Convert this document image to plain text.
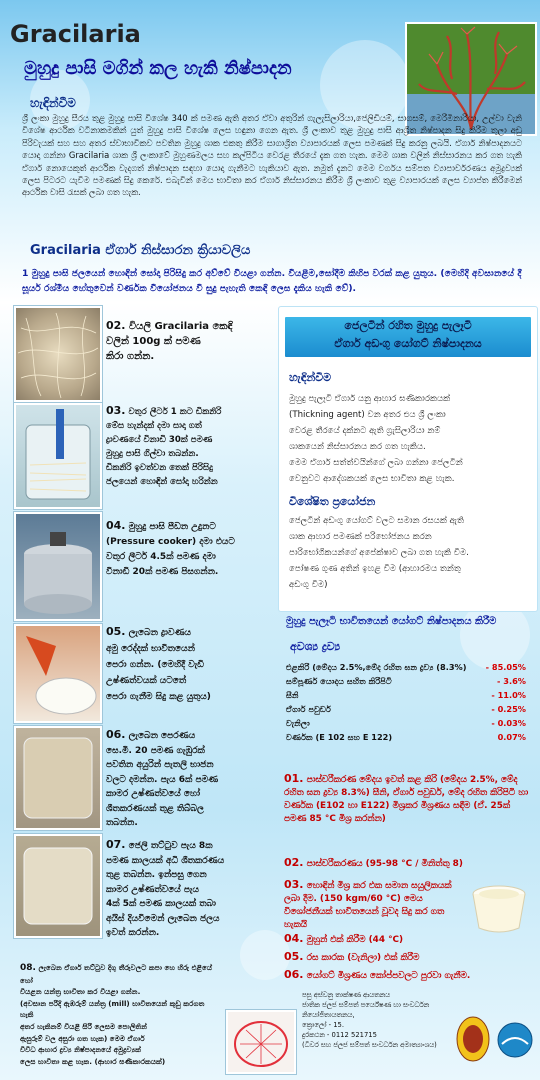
Gracilaria
මුහුදු පාසි මගින් කල හැකි නිෂ්පාදන
හැඳින්වීම
ශ්‍රී ලංකා මුහුදු සීරය තුළ මුහුදු පාසි විශේෂ 340 ක් පමණ ඇති අතර ඒවා අතුරින් ගැලැසිලාරියා,ජෙලිඩියම්, සාගසම්, මෙරීමිනාරියා, උල්වා වැනි විශේෂ ආර්ථික වටිනාකමකින් යුත් මුහුදු පාසි විශේෂ ලෙස හඳුනා ගෙන ඇත. ශ්‍රී ලංකාව තුළ මුහුදු පාසි ආශ්‍රිත නිෂ්පාදන සිදු කිරීම තුලා අඩු පිරිවැයක් සහ සහ අතර ස්වාභාවිකව පවතින මුහුදු ශාක එකතු කිරීම සාගාශ්‍රිත ව්‍යාපාරයක් ලෙස පමණක් සිදු කරනු ලබයි. ඒගාර් නිෂ්පාදනයට යොදා ගන්නා Gracilaria ශාක ශ්‍රී ලංකාවේ මුහුණමලය සහ කල්පිටිය වෙරළ තීරයේ දැක ගත හැක. මෙම ශාක වලින් නිස්සාරනය කර ගත හැකි ඒගාර් නොයෙකුත් ආර්ථික වැදගත් නිෂ්පාදන සඳහා යොදා ගැනීමට හැකියාව ඇත. නමුත් දැනට මෙම වර්ගය සම්පත ව්‍යාපාර්වරණය අමුද්‍රව්‍යක් ලෙස පිටරට යැවීම පමණක් සිදු කෙරේ. එබැවින් මෙය භාවිතා කර ඒගාර් නිස්සාරනය කිරීම ශ්‍රී ලංකාව තුළ ව්‍යාපාරයක් ලෙස ව්‍යාප්ත කිරීමෙන් ආර්ථික වාසි රැසක් ලබා ගත හැක.
Gracilaria ඒගාර් නිස්සාරන ක්‍රියාවලිය
1 මුහුදු පාසි ජලයෙන් හොඳින් සෝදා පිරිසිදු කර අව්වේ වියළා ගන්න. වියළීම,සෝදීම කිහිප වරක් කළ යුතුය. (මෙහිදි අවසානයේ දී සූර්ය රශ්මිය හේතුවෙන් වර්ණක වියෝජනය වී සුදු පැහැති කෙඳි ලෙස දැකිය හැකි වේ).
02. වියලි Gracilaria කෙඳි
වලින් 100g ක් පමණ
කිරා ගන්න.
03. වතුර ලීටර් 1 කට ඩිකනිරි
මේස හැන්දක් දමා සාදා ගත්
ද්‍රාවණයේ විනාඩි 30ක් පමණ
මුහුදු පාසි ගිල්වා තබන්න.
ඩිකනිරි ඉවත්වන තෙක් පිරිසිදු
ජලයෙන් හොඳින් සෝදා හරින්න
04. මුහුදු පාසි පීඩන උදුනට
(Pressure cooker) දමා එයට
වතුර ලීටර් 4.5ක් පමණ දමා
විනාඩි 20ක් පමණ පිසගන්න.
05. ලැබෙන ද්‍රාවණය
අමු රෙද්දක් භාවිතයෙන්
පෙරා ගන්න. (මෙහිදී වැඩි
උෂ්ණත්වයක් යටතේ
පෙරා ගැනීම සිදු කළ යුතුය)
06. ලැබෙන පෙරණය
සෙ.මී. 20 පමණ ගැඹුරක්
පවතින අයුරින් පැතලි භාජන
වලට දමන්න. පැය 6ක් පමණ
කාමර උෂ්ණත්වයේ හෝ
ශීතකරණයක් තුළ තිබ්බල
තබන්න.
07. ජෙලි තට්ටුව පැය 8ක
පමණ කාලයක් අධි ශීතකරණය
තුළ තබන්න. ඉන්පසු ගෙන
කාමර උෂ්ණත්වයේ පැය
4ක් 5ක් පමණ කාලයක් තබා
අයිස් දියවීමෙන් ලැබෙන ජලය
ඉවත් කරන්න.
08. ලැබෙන ඒගාර් තට්ටුව දිගු තීරුවලට කපා හෙ හිරු එළියේ හෝ
වියළන යන්ත්‍ර භාවිතා කර වියළා ගන්න.
(අවසාන පරිදි ඇඹරුම් යන්ත්‍ර (mill) භාවිතයෙන් කුඩු කරගත හැකි
අතර හැකිනම් වියළි සිරි ලෙසම පොලිතින්
ඇසුරුම් වල අසුරා ගත හැක) මෙම ඒගාර්
විවිධ ආහාර ද්‍රව්‍ය නිෂ්පාදනයේ අමුද්‍රව්‍යක්
ලෙස භාවිතා කළ හැක. (ආහාර ඝණිකාරකයක්)
ජෙලටින් රහිත මුහුදු පැලෑටි
ඒගාර් අඩංගු යෝගට් නිෂ්පාදනය
හැඳින්වීම
මුහුදු පැලෑටි ඒගාර් යනු ආහාර ඝණිකාරකයක්
(Thickning agent) වන අතර එය ශ්‍රී ලංකා
වෙරළ තීරයේ දක්නට ඇති ග්‍රැසිලාරියා නම්
ශාකයෙන් නිස්සාරනය කර ගත හැකිය.
මෙම ඒගාර් සත්ත්වයින්ගේ ලබා ගන්නා ජෙලටින්
වෙනුවට ආදේශකයක් ලෙස භාවිතා කළ හැක.
විශේෂිත ප්‍රයෝජන
ජෙලටින් අඩංගු යෝගට් වලට සමාන රසයක් ඇති
ශාක ආහාර පමණක් පරිභෝජනය කරන
පාරිභෝගිකයන්ගේ අපේක්ෂාව ලබා ගත හැකි වීම.
පෝෂණ ගුණ අතින් ඉහළ වීම (ආහාරමය තන්තු
අඩංගු වීම)
මුහුදු පැලෑටි භාවිතයෙන් යෝගට් නිෂ්පාදනය කිරීම
අවශ්‍ය ද්‍රව්‍ය
එළකිරි (මේදය 2.5%,මේද රහිත ඝන ද්‍රව්‍ය (8.3%) - 85.05%
සම්පූර්ණ යොදය සහිත කිරිපිටි	- 3.6%
සීනි	- 11.0%
ඒගාර් පවුඩර්	- 0.25%
වැනිලා	- 0.03%
වර්ණක (E 102 සහ E 122)	0.07%
01. පාස්චරීකරණ මේදය ඉවත් කළ කිරි (මේදය 2.5%, මේද රහිත ඝන ද්‍රව්‍ය 8.3%) සීනි, ඒගාර් පවුඩර්, මේද රහිත කිරිපිටි හා වර්ණක (E102 හා E122) මිශ්‍රකර මිශ්‍රණය සඳීම (ඒ. 25ක් පමණ 85 °C මිශ්‍ර කරන්න)
02. පාස්චරීකරණය (95-98 °C / මිනිත්තු 8)
03. හොඳින් මිශ්‍ර කර එක සමාන සයුලිකයක් ලබා දීම. (150 kgm/60 °C) මෙය විශෝජනීයක් භාවිතයෙන් වූවද සිදු කර ගත හැකයි
04. මුහුන් එක් කිරීම (44 °C)
05. රස කාරක (වැනිලා) එක් කිරීම
06. යෝගට් මිශ්‍රණය කෝප්පවලට පුරවා ගැනීම.
පසු අස්වනු තාක්ෂණ ආයතනය
ජාතික ජලජ සම්පත් පර්යේෂණ හා සංවර්ධන නියෝජිතායතනය,
ක්‍රොලෝ - 15.
දුරකථන - 0112 521715
(ධීවර සහ ජලජ සම්පත් සංවර්ධන අමාත්‍යාංශය)
